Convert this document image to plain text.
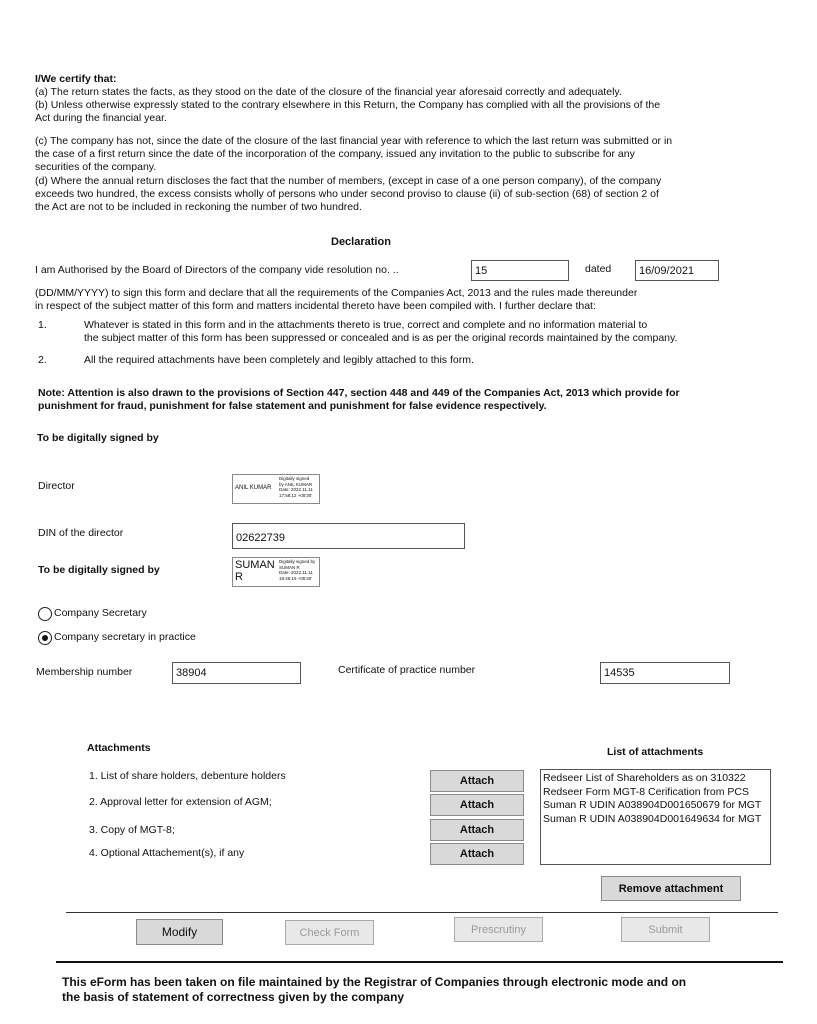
I/We certify that:
(a) The return states the facts, as they stood on the date of the closure of the financial year aforesaid correctly and adequately.
(b) Unless otherwise expressly stated to the contrary elsewhere in this Return, the Company has complied with all the provisions of the
Act during the financial year.
(c) The company has not, since the date of the closure of the last financial year with reference to which the last return was submitted or in
the case of a first return since the date of the incorporation of the company, issued any invitation to the public to subscribe for any
securities of the company.
(d) Where the annual return discloses the fact that the number of members, (except in case of a one person company), of the company
exceeds two hundred, the excess consists wholly of persons who under second proviso to clause (ii) of sub-section (68) of section 2 of
the Act are not to be included in reckoning the number of two hundred.
Declaration
I am Authorised by the Board of Directors of the company vide resolution no. ..	15	dated	16/09/2021
(DD/MM/YYYY) to sign this form and declare that all the requirements of the Companies Act, 2013 and the rules made thereunder
in respect of the subject matter of this form and matters incidental thereto have been compiled with. I further declare that:
1.	Whatever is stated in this form and in the attachments thereto is true, correct and complete and no information material to
the subject matter of this form has been suppressed or concealed and is as per the original records maintained by the company.
2.	All the required attachments have been completely and legibly attached to this form.
Note: Attention is also drawn to the provisions of Section 447, section 448 and 449 of the Companies Act, 2013 which provide for
punishment for fraud, punishment for false statement and punishment for false evidence respectively.
To be digitally signed by
Director	ANIL KUMAR
Digitally signed
by ANIL KUMAR
Date: 2022.11.11
17:58:12 +05'30'
DIN of the director	02622739
To be digitally signed by	SUMAN
R
Digitally signed by
SUMAN R
Date: 2022.11.11
18:46:16 +05'30'
Company Secretary
Company secretary in practice
Membership number	38904	Certificate of practice number	14535
Attachments	List of attachments
1. List of share holders, debenture holders
2. Approval letter for extension of AGM;
3. Copy of MGT-8;
4. Optional Attachement(s), if any
Attach
Attach
Attach
Attach
Redseer List of Shareholders as on 310322
Redseer Form MGT-8 Cerification from PCS
Suman R UDIN A038904D001650679 for MGT
Suman R UDIN A038904D001649634 for MGT
Remove attachment
Modify	Check Form	Prescrutiny	Submit
This eForm has been taken on file maintained by the Registrar of Companies through electronic mode and on
the basis of statement of correctness given by the company
